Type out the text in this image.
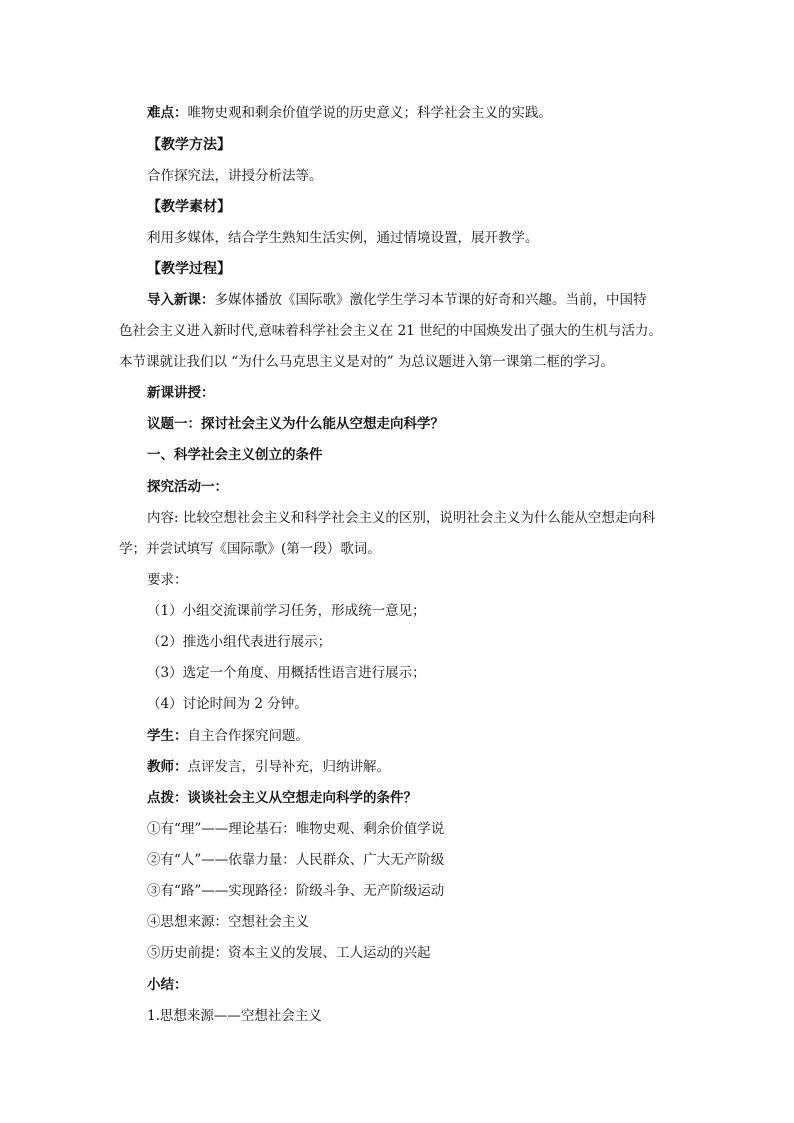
难点：唯物史观和剩余价值学说的历史意义；科学社会主义的实践。
【教学方法】
合作探究法，讲授分析法等。
【教学素材】
利用多媒体，结合学生熟知生活实例，通过情境设置，展开教学。
【教学过程】
导入新课：多媒体播放《国际歌》激化学生学习本节课的好奇和兴趣。当前，中国特
色社会主义进入新时代,意味着科学社会主义在 21 世纪的中国焕发出了强大的生机与活力。
本节课就让我们以 “为什么马克思主义是对的” 为总议题进入第一课第二框的学习。
新课讲授：
议题一：探讨社会主义为什么能从空想走向科学？
一、科学社会主义创立的条件
探究活动一：
内容: 比较空想社会主义和科学社会主义的区别，说明社会主义为什么能从空想走向科
学；并尝试填写《国际歌》(第一段）歌词。
要求：
（1）小组交流课前学习任务，形成统一意见；
（2）推选小组代表进行展示；
（3）选定一个角度、用概括性语言进行展示；
（4）讨论时间为 2 分钟。
学生：自主合作探究问题。
教师：点评发言，引导补充，归纳讲解。
点拨：谈谈社会主义从空想走向科学的条件？
①有“理”——理论基石：唯物史观、剩余价值学说
②有“人”——依靠力量：人民群众、广大无产阶级
③有“路”——实现路径：阶级斗争、无产阶级运动
④思想来源：空想社会主义
⑤历史前提：资本主义的发展、工人运动的兴起
小结：
1.思想来源——空想社会主义
